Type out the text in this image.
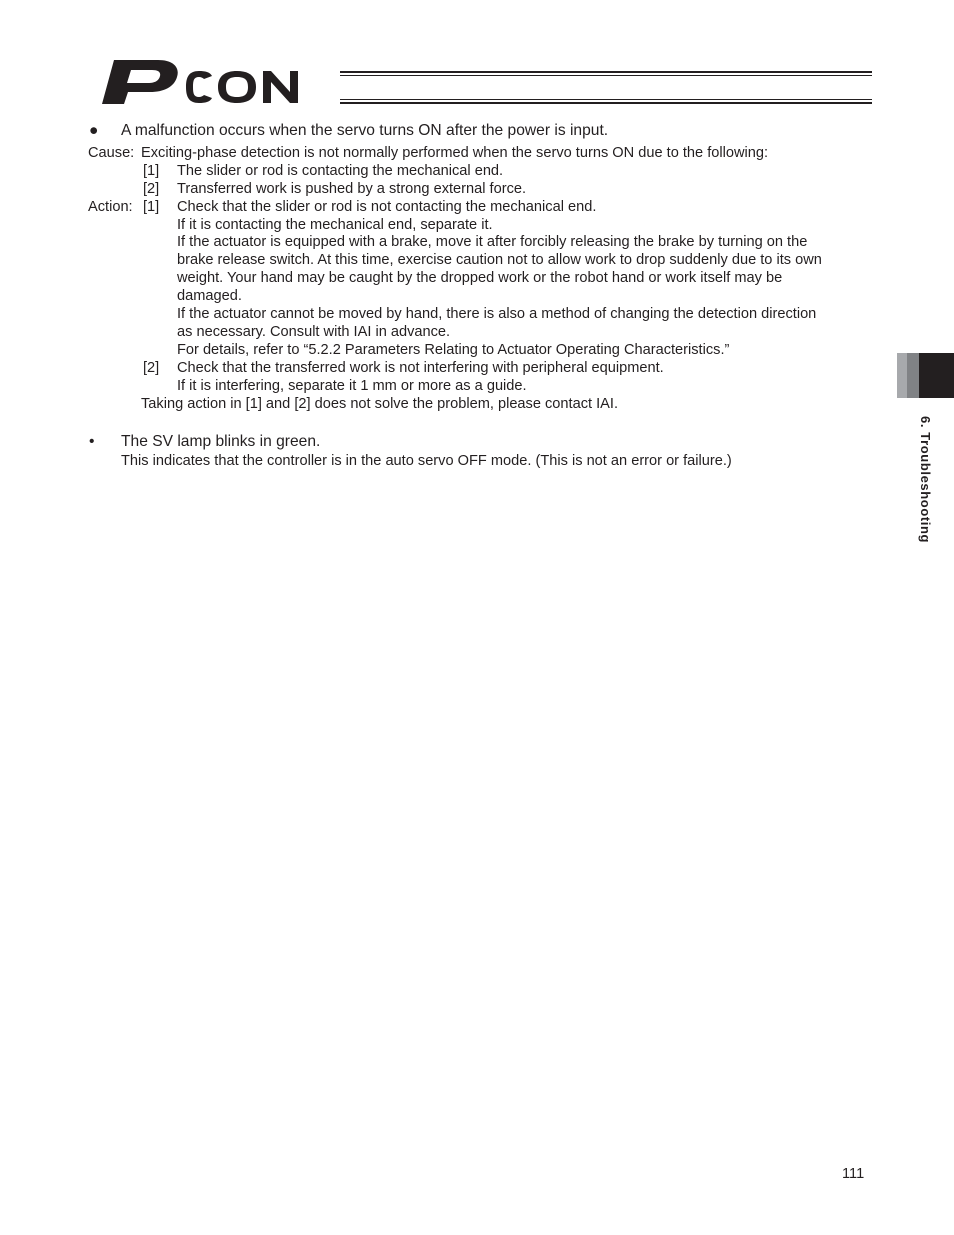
● A malfunction occurs when the servo turns ON after the power is input.
Cause: Exciting-phase detection is not normally performed when the servo turns ON due to the following:
[1] The slider or rod is contacting the mechanical end.
[2] Transferred work is pushed by a strong external force.
Action: [1] Check that the slider or rod is not contacting the mechanical end.
If it is contacting the mechanical end, separate it.
If the actuator is equipped with a brake, move it after forcibly releasing the brake by turning on the
brake release switch. At this time, exercise caution not to allow work to drop suddenly due to its own
weight. Your hand may be caught by the dropped work or the robot hand or work itself may be
damaged.
If the actuator cannot be moved by hand, there is also a method of changing the detection direction
as necessary. Consult with IAI in advance.
For details, refer to “5.2.2 Parameters Relating to Actuator Operating Characteristics.”
[2] Check that the transferred work is not interfering with peripheral equipment.
If it is interfering, separate it 1 mm or more as a guide.
Taking action in [1] and [2] does not solve the problem, please contact IAI.
• The SV lamp blinks in green.
This indicates that the controller is in the auto servo OFF mode. (This is not an error or failure.)	6. Troubleshooting
111
